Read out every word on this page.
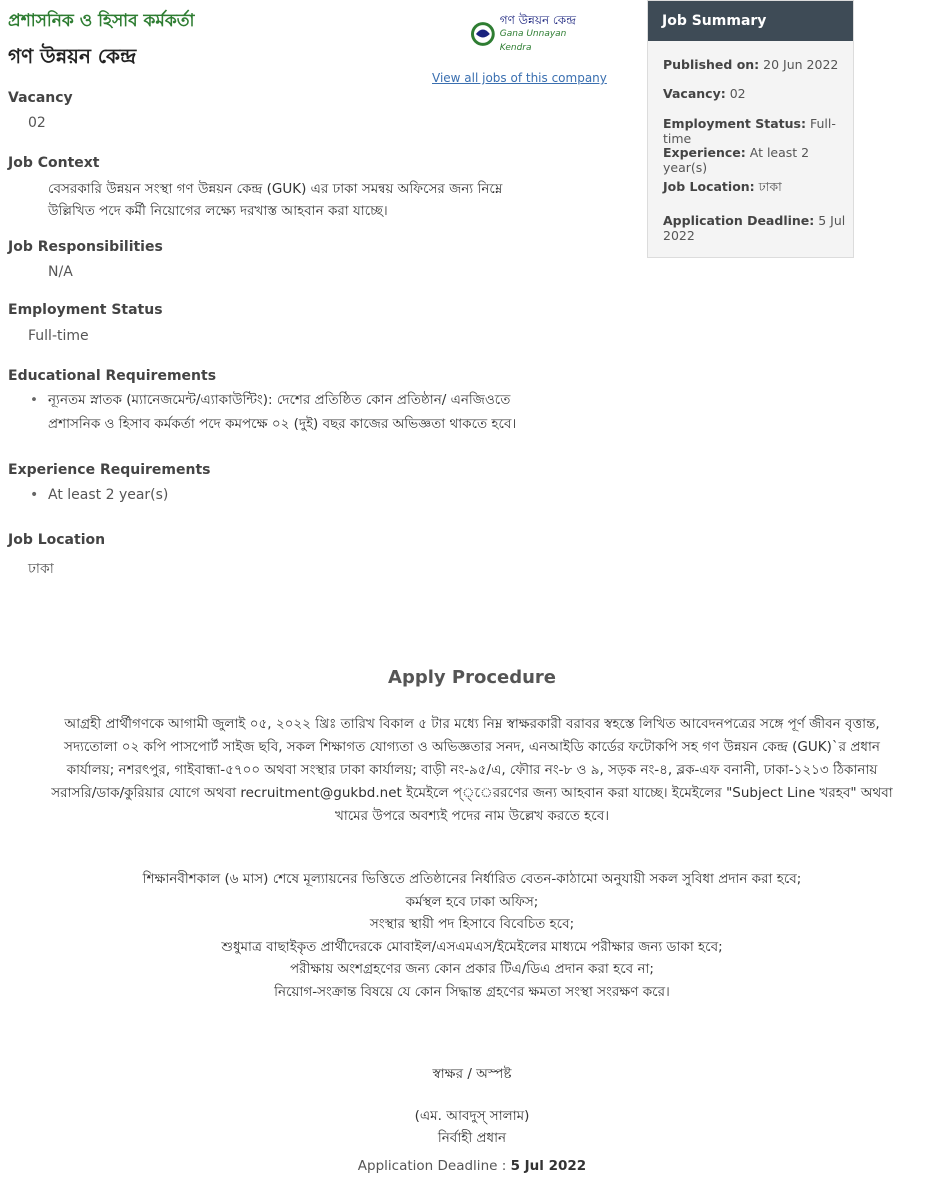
প্রশাসনিক ও হিসাব কর্মকর্তা
গণ উন্নয়ন কেন্দ্র
গণ উন্নয়ন কেন্দ্র
Gana Unnayan Kendra
View all jobs of this company
Vacancy
02
Job Context
বেসরকারি উন্নয়ন সংস্থা গণ উন্নয়ন কেন্দ্র (GUK) এর ঢাকা সমন্বয় অফিসের জন্য নিম্নে
উল্লিখিত পদে কর্মী নিয়োগের লক্ষ্যে দরখাস্ত আহবান করা যাচ্ছে।
Job Responsibilities
N/A
Employment Status
Full-time
Educational Requirements
• ন্যূনতম স্নাতক (ম্যানেজমেন্ট/এ্যাকাউন্টিং): দেশের প্রতিষ্ঠিত কোন প্রতিষ্ঠান/ এনজিওতে
প্রশাসনিক ও হিসাব কর্মকর্তা পদে কমপক্ষে ০২ (দুই) বছর কাজের অভিজ্ঞতা থাকতে হবে।
Experience Requirements
• At least 2 year(s)
Job Location
ঢাকা
Job Summary
Published on: 20 Jun 2022
Vacancy: 02
Employment Status: Full-time
Experience: At least 2 year(s)
Job Location: ঢাকা
Application Deadline: 5 Jul 2022
Apply Procedure
আগ্রহী প্রার্থীগণকে আগামী জুলাই ০৫, ২০২২ খ্রিঃ তারিখ বিকাল ৫ টার মধ্যে নিম্ন স্বাক্ষরকারী বরাবর স্বহস্তে লিখিত আবেদনপত্রের সঙ্গে পূর্ণ জীবন বৃত্তান্ত,
সদ্যতোলা ০২ কপি পাসপোর্ট সাইজ ছবি, সকল শিক্ষাগত যোগ্যতা ও অভিজ্ঞতার সনদ, এনআইডি কার্ডের ফটোকপি সহ গণ উন্নয়ন কেন্দ্র (GUK)`র প্রধান
কার্যালয়; নশরৎপুর, গাইবান্ধা-৫৭০০ অথবা সংস্থার ঢাকা কার্যালয়; বাড়ী নং-৯৫/এ, ফৌার নং-৮ ও ৯, সড়ক নং-৪, ব্লক-এফ বনানী, ঢাকা-১২১৩ ঠিকানায়
সরাসরি/ডাক/কুরিয়ার যোগে অথবা recruitment@gukbd.net ইমেইলে প্্েররণের জন্য আহবান করা যাচ্ছে। ইমেইলের "Subject Line খরহব" অথবা
খামের উপরে অবশ্যই পদের নাম উল্লেখ করতে হবে।
শিক্ষানবীশকাল (৬ মাস) শেষে মূল্যায়নের ভিত্তিতে প্রতিষ্ঠানের নির্ধারিত বেতন-কাঠামো অনুযায়ী সকল সুবিধা প্রদান করা হবে;
কর্মস্থল হবে ঢাকা অফিস;
সংস্থার স্থায়ী পদ হিসাবে বিবেচিত হবে;
শুধুমাত্র বাছাইকৃত প্রার্থীদেরকে মোবাইল/এসএমএস/ইমেইলের মাধ্যমে পরীক্ষার জন্য ডাকা হবে;
পরীক্ষায় অংশগ্রহণের জন্য কোন প্রকার টিএ/ডিএ প্রদান করা হবে না;
নিয়োগ-সংক্রান্ত বিষয়ে যে কোন সিদ্ধান্ত গ্রহণের ক্ষমতা সংস্থা সংরক্ষণ করে।
স্বাক্ষর / অস্পষ্ট
(এম. আবদুস্ সালাম)
নির্বাহী প্রধান
Application Deadline : 5 Jul 2022
